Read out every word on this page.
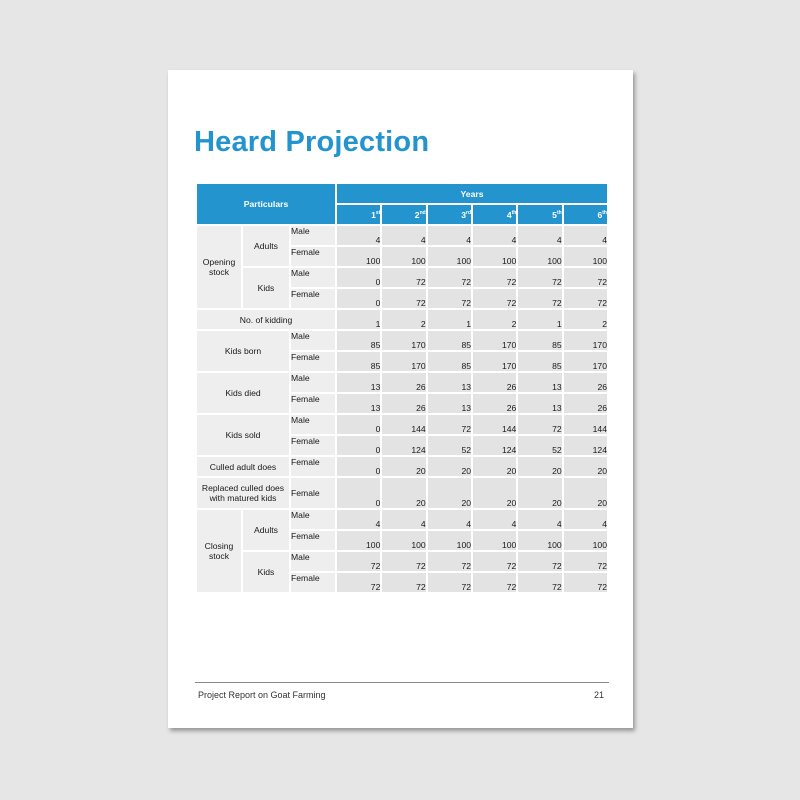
Heard Projection
Particulars			Years					
			1st	2nd	3rd	4th	5th	6th
Opening stock	Adults	Male	4	4	4	4	4	4
		Female	100	100	100	100	100	100
	Kids	Male	0	72	72	72	72	72
		Female	0	72	72	72	72	72
No. of kidding			1	2	1	2	1	2
Kids born		Male	85	170	85	170	85	170
		Female	85	170	85	170	85	170
Kids died		Male	13	26	13	26	13	26
		Female	13	26	13	26	13	26
Kids sold		Male	0	144	72	144	72	144
		Female	0	124	52	124	52	124
Culled adult does		Female	0	20	20	20	20	20
Replaced culled does with matured kids		Female	0	20	20	20	20	20
Closing stock	Adults	Male	4	4	4	4	4	4
		Female	100	100	100	100	100	100
	Kids	Male	72	72	72	72	72	72
		Female	72	72	72	72	72	72
Project Report on Goat Farming	21
